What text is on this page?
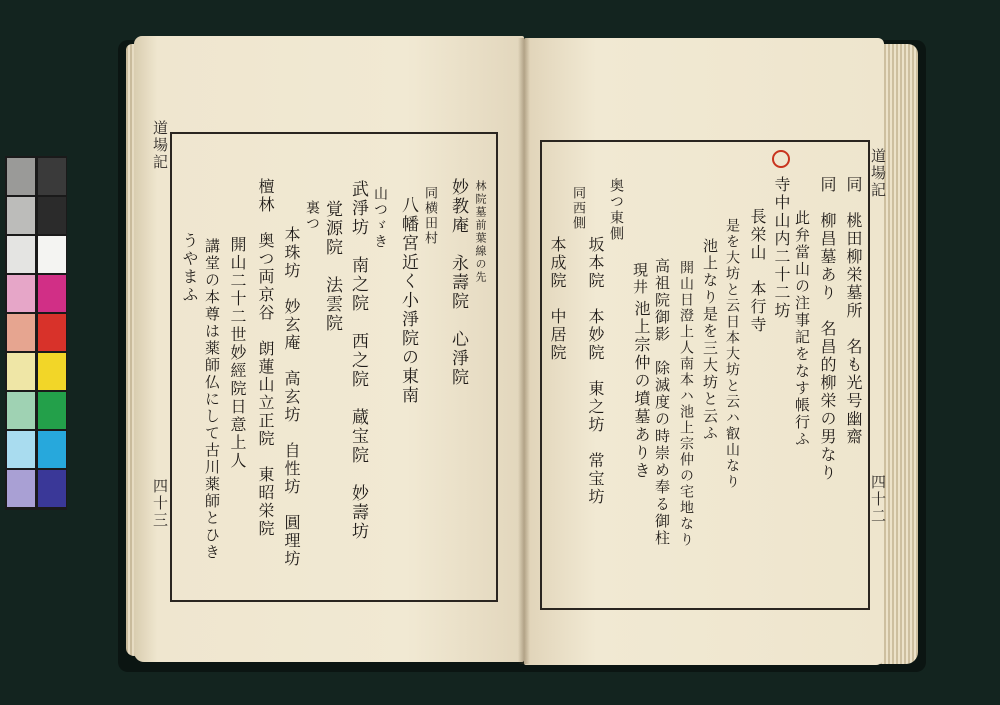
道場記
四十三
林院墓前葉線の先
妙教庵　永壽院　心淨院
同横田村
八幡宮近く小淨院の東南
山つゞき
武淨坊　南之院　西之院　蔵宝院　妙壽坊
覚源院　法雲院
裏つ
本珠坊　妙玄庵　高玄坊　自性坊　圓理坊
檀林　奥つ両京谷　朗蓮山立正院　東昭栄院
開山二十二世妙經院日意上人
講堂の本尊は薬師仏にして古川薬師とひき
うやまふ
道場記
四十二
同　桃田柳栄墓所　名も光号幽齋
同　柳昌墓あり　名昌的柳栄の男なり
此弁當山の注事記をなす帳行ふ
寺中山内二十二坊
長栄山　本行寺
是を大坊と云日本大坊と云ハ叡山なり
池上なり是を三大坊と云ふ
開山日澄上人南本ハ池上宗仲の宅地なり
高祖院御影　除滅度の時崇め奉る御柱
池上宗仲の墳墓ありき
現井
奥つ東側
坂本院　本妙院　東之坊　常宝坊
同西側
本成院　中居院
